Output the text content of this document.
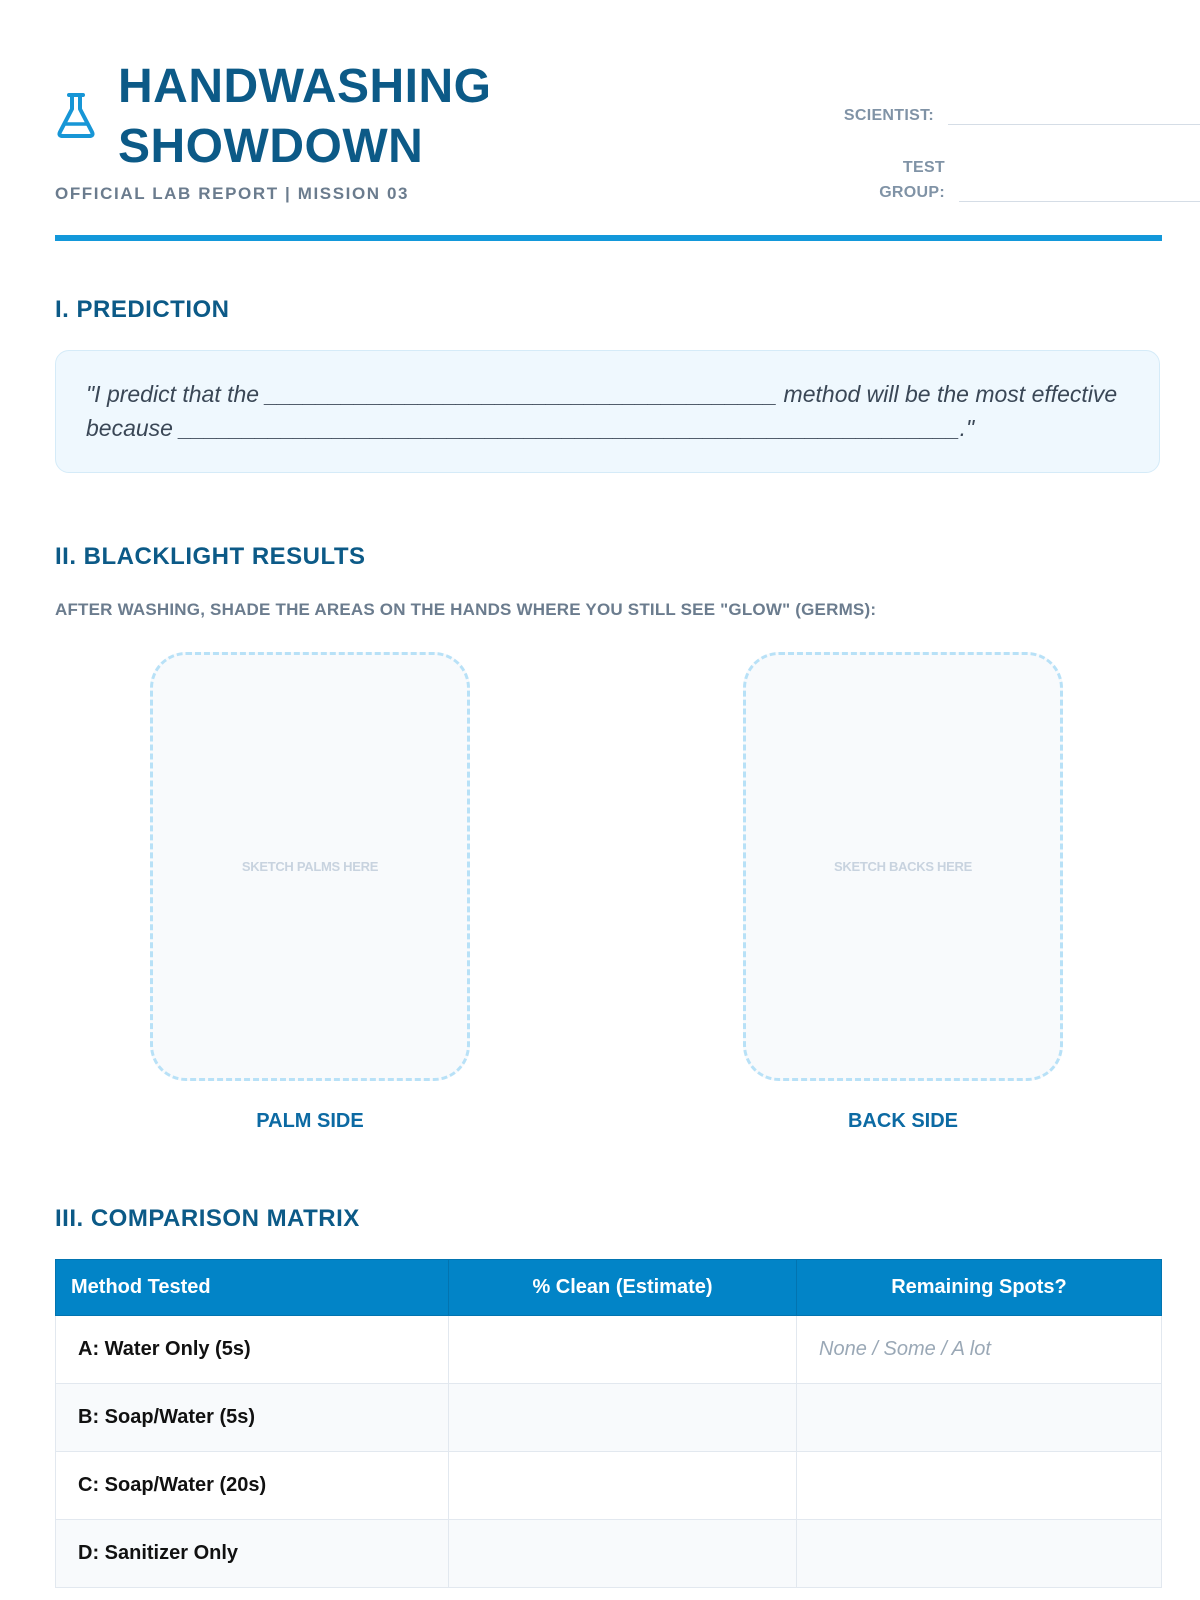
HANDWASHING
SHOWDOWN
OFFICIAL LAB REPORT | MISSION 03
SCIENTIST:
TEST
GROUP:
I. PREDICTION

"I predict that the ________________________________________ method will be the most effective because _____________________________________________________________."

II. BLACKLIGHT RESULTS
AFTER WASHING, SHADE THE AREAS ON THE HANDS WHERE YOU STILL SEE "GLOW" (GERMS):
SKETCH PALMS HERE	SKETCH BACKS HERE
PALM SIDE	BACK SIDE
III. COMPARISON MATRIX
Method Tested	% Clean (Estimate)	Remaining Spots?
A: Water Only (5s)		None / Some / A lot
B: Soap/Water (5s)		
C: Soap/Water (20s)		
D: Sanitizer Only		
